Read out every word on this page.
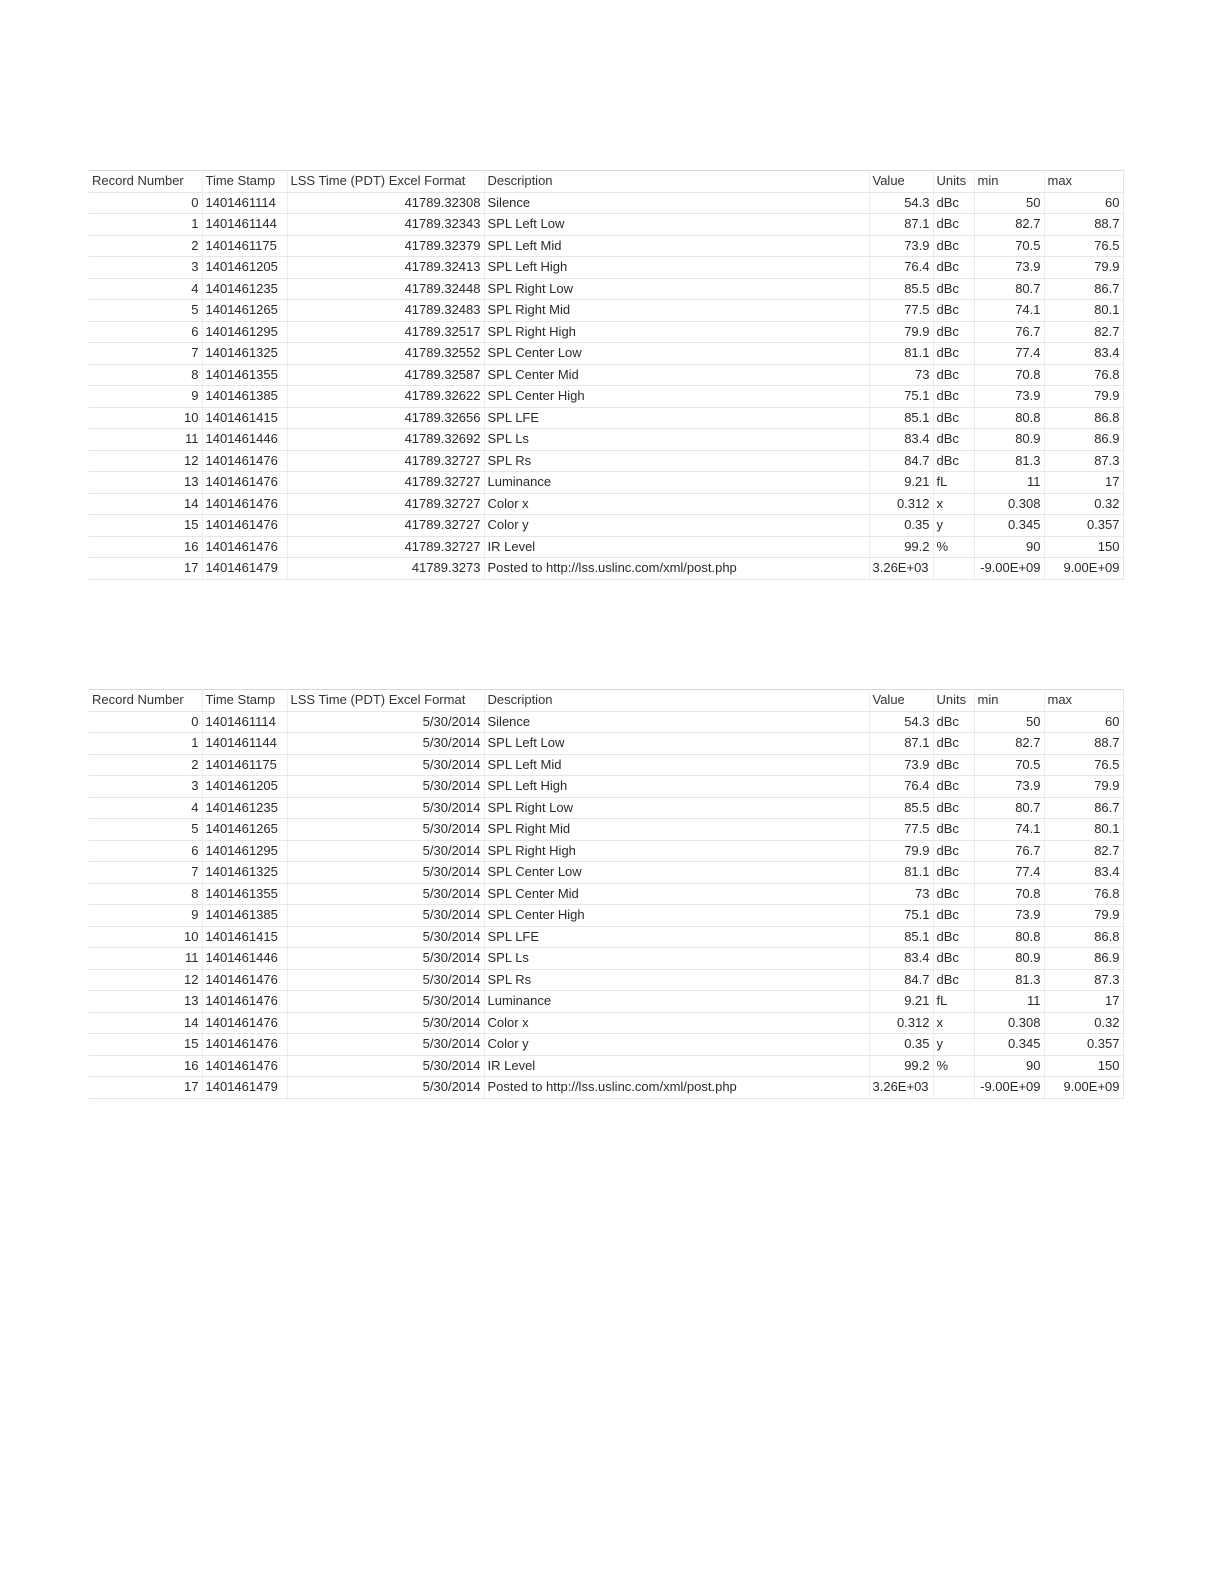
Record Number	Time Stamp	LSS Time (PDT) Excel Format	Description	Value	Units	min	max
0	1401461114	41789.32308	Silence	54.3	dBc	50	60
1	1401461144	41789.32343	SPL Left Low	87.1	dBc	82.7	88.7
2	1401461175	41789.32379	SPL Left Mid	73.9	dBc	70.5	76.5
3	1401461205	41789.32413	SPL Left High	76.4	dBc	73.9	79.9
4	1401461235	41789.32448	SPL Right Low	85.5	dBc	80.7	86.7
5	1401461265	41789.32483	SPL Right Mid	77.5	dBc	74.1	80.1
6	1401461295	41789.32517	SPL Right High	79.9	dBc	76.7	82.7
7	1401461325	41789.32552	SPL Center Low	81.1	dBc	77.4	83.4
8	1401461355	41789.32587	SPL Center Mid	73	dBc	70.8	76.8
9	1401461385	41789.32622	SPL Center High	75.1	dBc	73.9	79.9
10	1401461415	41789.32656	SPL LFE	85.1	dBc	80.8	86.8
11	1401461446	41789.32692	SPL Ls	83.4	dBc	80.9	86.9
12	1401461476	41789.32727	SPL Rs	84.7	dBc	81.3	87.3
13	1401461476	41789.32727	Luminance	9.21	fL	11	17
14	1401461476	41789.32727	Color x	0.312	x	0.308	0.32
15	1401461476	41789.32727	Color y	0.35	y	0.345	0.357
16	1401461476	41789.32727	IR Level	99.2	%	90	150
17	1401461479	41789.3273	Posted to http://lss.uslinc.com/xml/post.php	3.26E+03		-9.00E+09	9.00E+09
Record Number	Time Stamp	LSS Time (PDT) Excel Format	Description	Value	Units	min	max
0	1401461114	5/30/2014	Silence	54.3	dBc	50	60
1	1401461144	5/30/2014	SPL Left Low	87.1	dBc	82.7	88.7
2	1401461175	5/30/2014	SPL Left Mid	73.9	dBc	70.5	76.5
3	1401461205	5/30/2014	SPL Left High	76.4	dBc	73.9	79.9
4	1401461235	5/30/2014	SPL Right Low	85.5	dBc	80.7	86.7
5	1401461265	5/30/2014	SPL Right Mid	77.5	dBc	74.1	80.1
6	1401461295	5/30/2014	SPL Right High	79.9	dBc	76.7	82.7
7	1401461325	5/30/2014	SPL Center Low	81.1	dBc	77.4	83.4
8	1401461355	5/30/2014	SPL Center Mid	73	dBc	70.8	76.8
9	1401461385	5/30/2014	SPL Center High	75.1	dBc	73.9	79.9
10	1401461415	5/30/2014	SPL LFE	85.1	dBc	80.8	86.8
11	1401461446	5/30/2014	SPL Ls	83.4	dBc	80.9	86.9
12	1401461476	5/30/2014	SPL Rs	84.7	dBc	81.3	87.3
13	1401461476	5/30/2014	Luminance	9.21	fL	11	17
14	1401461476	5/30/2014	Color x	0.312	x	0.308	0.32
15	1401461476	5/30/2014	Color y	0.35	y	0.345	0.357
16	1401461476	5/30/2014	IR Level	99.2	%	90	150
17	1401461479	5/30/2014	Posted to http://lss.uslinc.com/xml/post.php	3.26E+03		-9.00E+09	9.00E+09
